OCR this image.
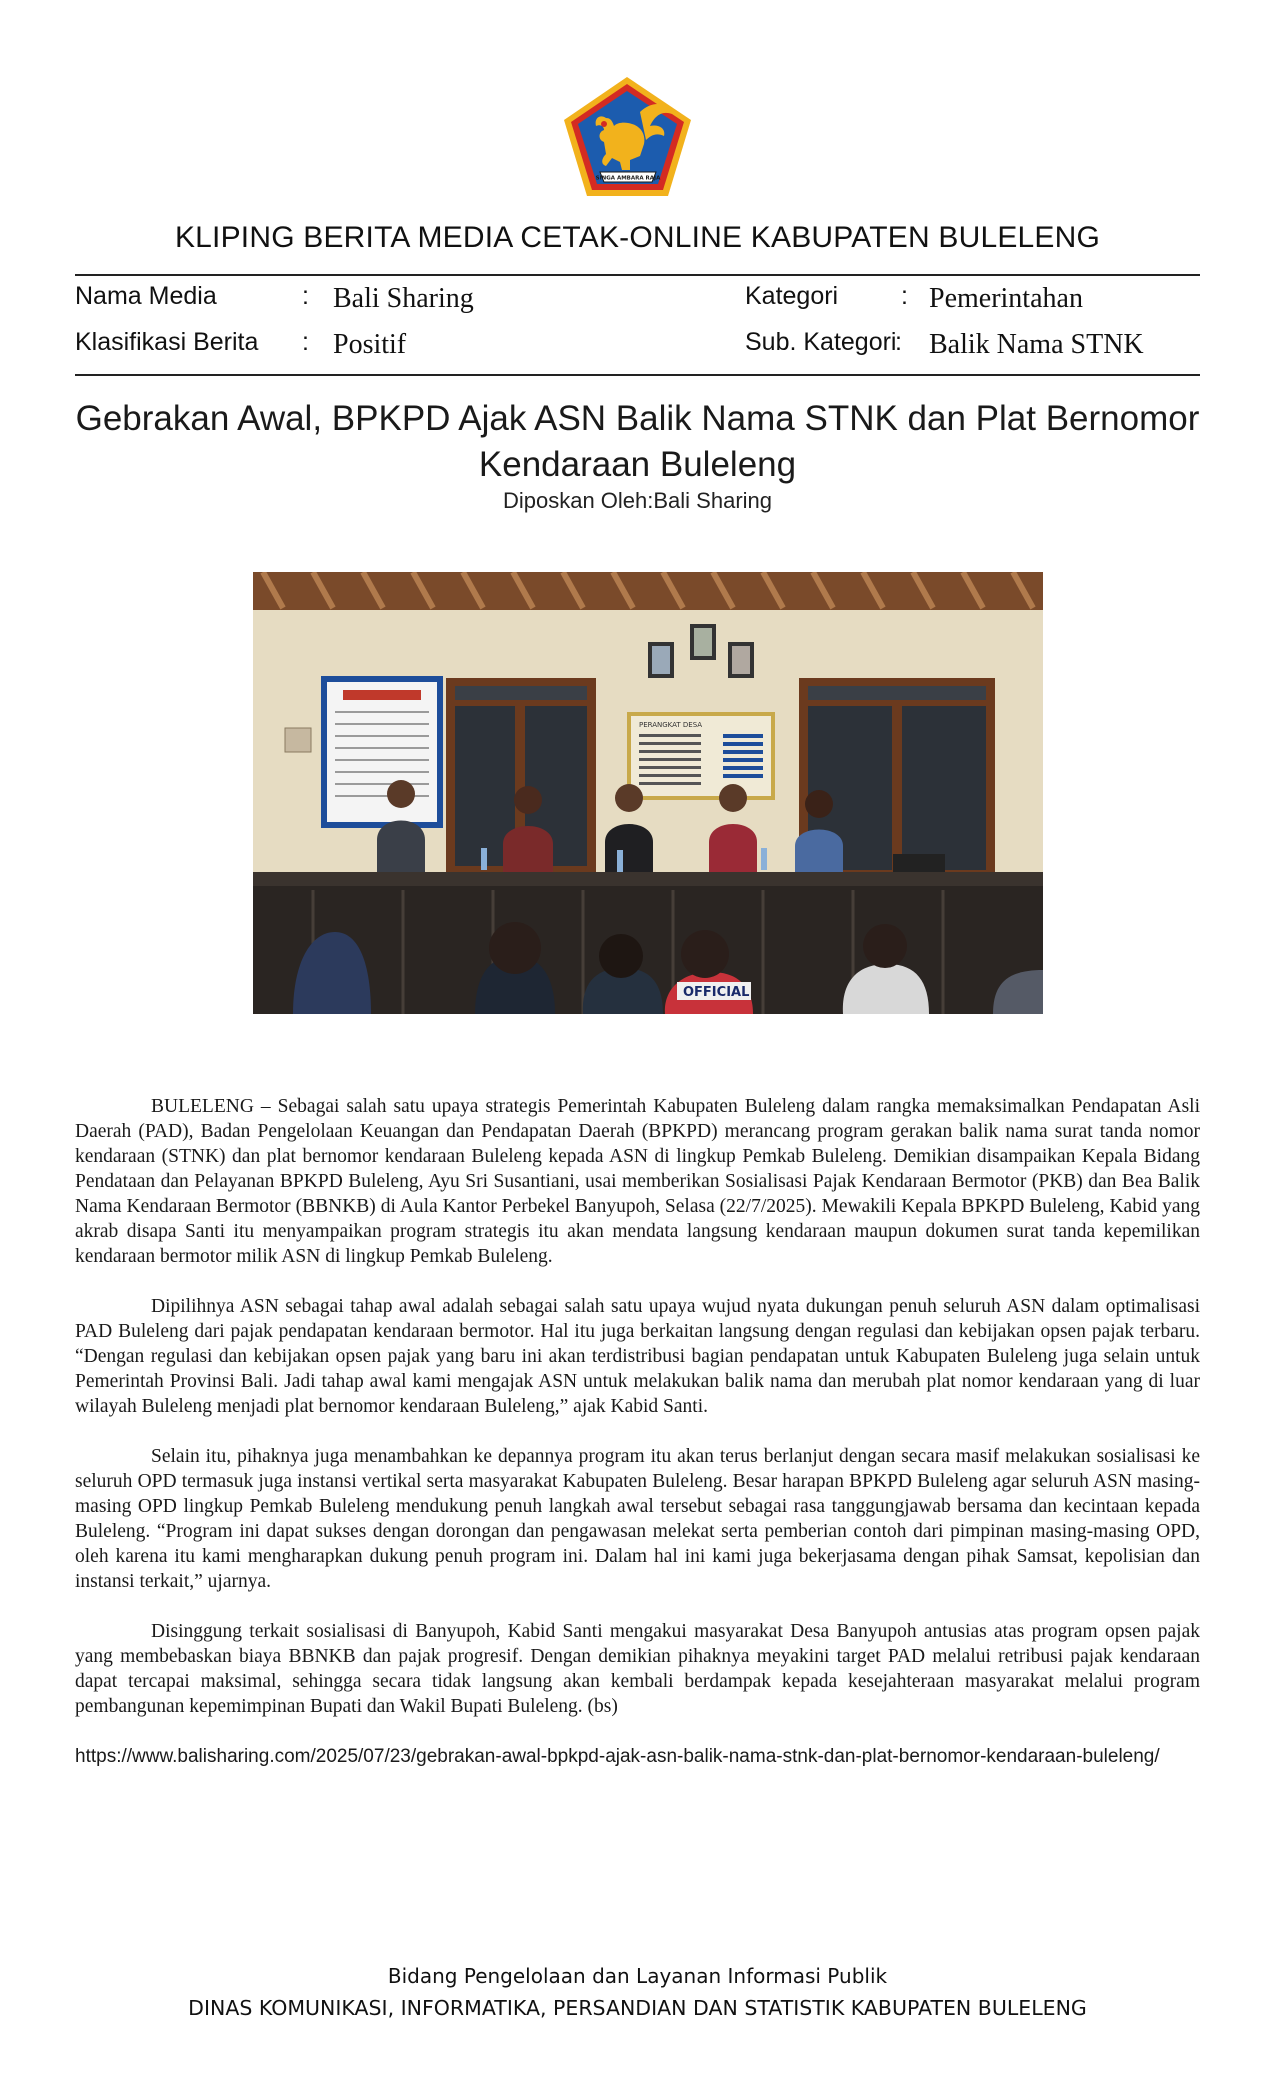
SINGA AMBARA RAJA
KLIPING BERITA MEDIA CETAK-ONLINE KABUPATEN BULELENG
Nama Media	: Bali Sharing
Klasifikasi Berita : Positif
Kategori	: Pemerintahan
Sub. Kategori
: Balik Nama STNK
Gebrakan Awal, BPKPD Ajak ASN Balik Nama STNK dan Plat Bernomor Kendaraan Buleleng
Diposkan Oleh:Bali Sharing
PERANGKAT DESA
OFFICIAL

BULELENG – Sebagai salah satu upaya strategis Pemerintah Kabupaten Buleleng dalam rangka memaksimalkan Pendapatan Asli Daerah (PAD), Badan Pengelolaan Keuangan dan Pendapatan Daerah (BPKPD) merancang program gerakan balik nama surat tanda nomor kendaraan (STNK) dan plat bernomor kendaraan Buleleng kepada ASN di lingkup Pemkab Buleleng. Demikian disampaikan Kepala Bidang Pendataan dan Pelayanan BPKPD Buleleng, Ayu Sri Susantiani, usai memberikan Sosialisasi Pajak Kendaraan Bermotor (PKB) dan Bea Balik Nama Kendaraan Bermotor (BBNKB) di Aula Kantor Perbekel Banyupoh, Selasa (22/7/2025). Mewakili Kepala BPKPD Buleleng, Kabid yang akrab disapa Santi itu menyampaikan program strategis itu akan mendata langsung kendaraan maupun dokumen surat tanda kepemilikan kendaraan bermotor milik ASN di lingkup Pemkab Buleleng.

Dipilihnya ASN sebagai tahap awal adalah sebagai salah satu upaya wujud nyata dukungan penuh seluruh ASN dalam optimalisasi PAD Buleleng dari pajak pendapatan kendaraan bermotor. Hal itu juga berkaitan langsung dengan regulasi dan kebijakan opsen pajak terbaru. “Dengan regulasi dan kebijakan opsen pajak yang baru ini akan terdistribusi bagian pendapatan untuk Kabupaten Buleleng juga selain untuk Pemerintah Provinsi Bali. Jadi tahap awal kami mengajak ASN untuk melakukan balik nama dan merubah plat nomor kendaraan yang di luar wilayah Buleleng menjadi plat bernomor kendaraan Buleleng,” ajak Kabid Santi.

Selain itu, pihaknya juga menambahkan ke depannya program itu akan terus berlanjut dengan secara masif melakukan sosialisasi ke seluruh OPD termasuk juga instansi vertikal serta masyarakat Kabupaten Buleleng. Besar harapan BPKPD Buleleng agar seluruh ASN masing-masing OPD lingkup Pemkab Buleleng mendukung penuh langkah awal tersebut sebagai rasa tanggungjawab bersama dan kecintaan kepada Buleleng. “Program ini dapat sukses dengan dorongan dan pengawasan melekat serta pemberian contoh dari pimpinan masing-masing OPD, oleh karena itu kami mengharapkan dukung penuh program ini. Dalam hal ini kami juga bekerjasama dengan pihak Samsat, kepolisian dan instansi terkait,” ujarnya.

Disinggung terkait sosialisasi di Banyupoh, Kabid Santi mengakui masyarakat Desa Banyupoh antusias atas program opsen pajak yang membebaskan biaya BBNKB dan pajak progresif. Dengan demikian pihaknya meyakini target PAD melalui retribusi pajak kendaraan dapat tercapai maksimal, sehingga secara tidak langsung akan kembali berdampak kepada kesejahteraan masyarakat melalui program pembangunan kepemimpinan Bupati dan Wakil Bupati Buleleng. (bs)

https://www.balisharing.com/2025/07/23/gebrakan-awal-bpkpd-ajak-asn-balik-nama-stnk-dan-plat-bernomor-kendaraan-buleleng/
Bidang Pengelolaan dan Layanan Informasi Publik
DINAS KOMUNIKASI, INFORMATIKA, PERSANDIAN DAN STATISTIK KABUPATEN BULELENG
